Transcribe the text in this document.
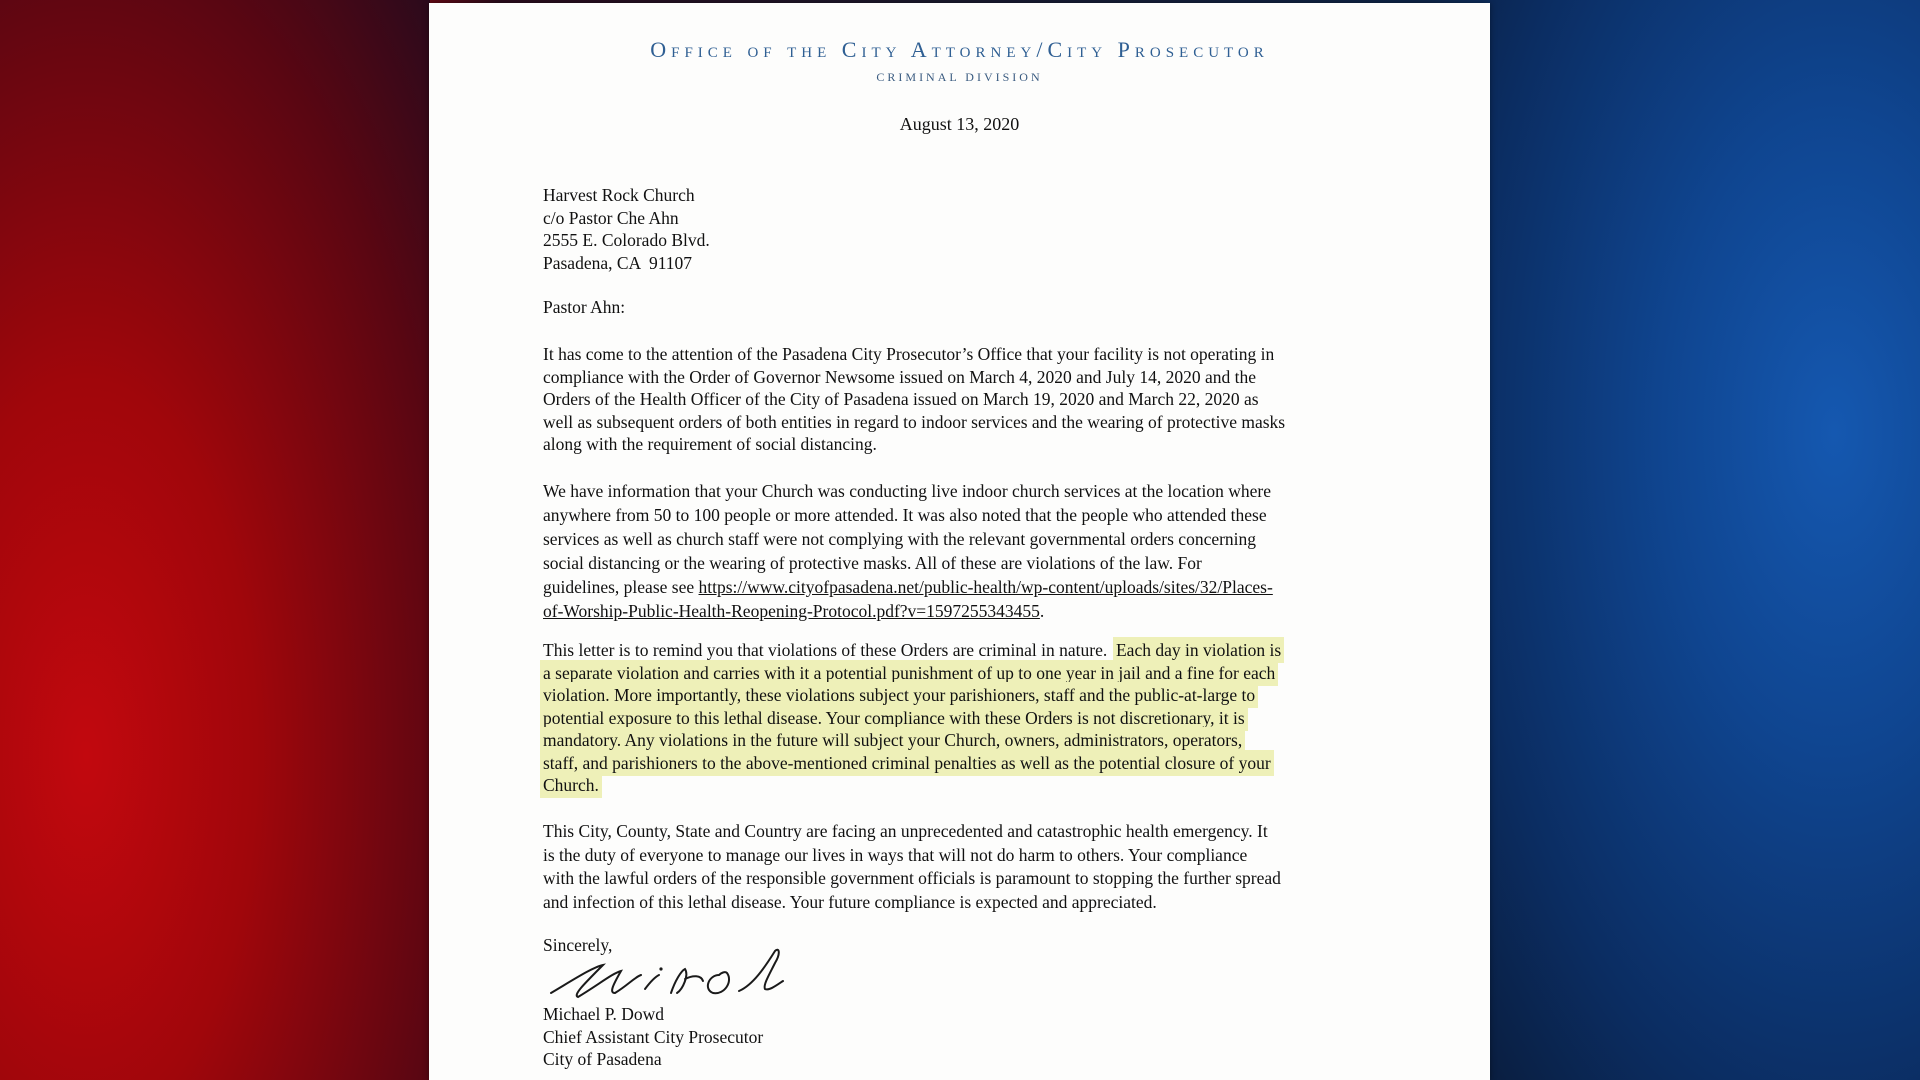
Office of the City Attorney/City Prosecutor
CRIMINAL DIVISION
August 13, 2020
Harvest Rock Church
c/o Pastor Che Ahn
2555 E. Colorado Blvd.
Pasadena, CA  91107
Pastor Ahn:
It has come to the attention of the Pasadena City Prosecutor’s Office that your facility is not operating in
compliance with the Order of Governor Newsome issued on March 4, 2020 and July 14, 2020 and the
Orders of the Health Officer of the City of Pasadena issued on March 19, 2020 and March 22, 2020 as
well as subsequent orders of both entities in regard to indoor services and the wearing of protective masks
along with the requirement of social distancing.
We have information that your Church was conducting live indoor church services at the location where
anywhere from 50 to 100 people or more attended. It was also noted that the people who attended these
services as well as church staff were not complying with the relevant governmental orders concerning
social distancing or the wearing of protective masks. All of these are violations of the law. For
guidelines, please see https://www.cityofpasadena.net/public-health/wp-content/uploads/sites/32/Places-
of-Worship-Public-Health-Reopening-Protocol.pdf?v=1597255343455.
This letter is to remind you that violations of these Orders are criminal in nature.  Each day in violation is
a separate violation and carries with it a potential punishment of up to one year in jail and a fine for each
violation. More importantly, these violations subject your parishioners, staff and the public-at-large to
potential exposure to this lethal disease. Your compliance with these Orders is not discretionary, it is
mandatory. Any violations in the future will subject your Church, owners, administrators, operators,
staff, and parishioners to the above-mentioned criminal penalties as well as the potential closure of your
Church.
This City, County, State and Country are facing an unprecedented and catastrophic health emergency. It
is the duty of everyone to manage our lives in ways that will not do harm to others. Your compliance
with the lawful orders of the responsible government officials is paramount to stopping the further spread
and infection of this lethal disease. Your future compliance is expected and appreciated.
Sincerely,
Michael P. Dowd
Chief Assistant City Prosecutor
City of Pasadena
